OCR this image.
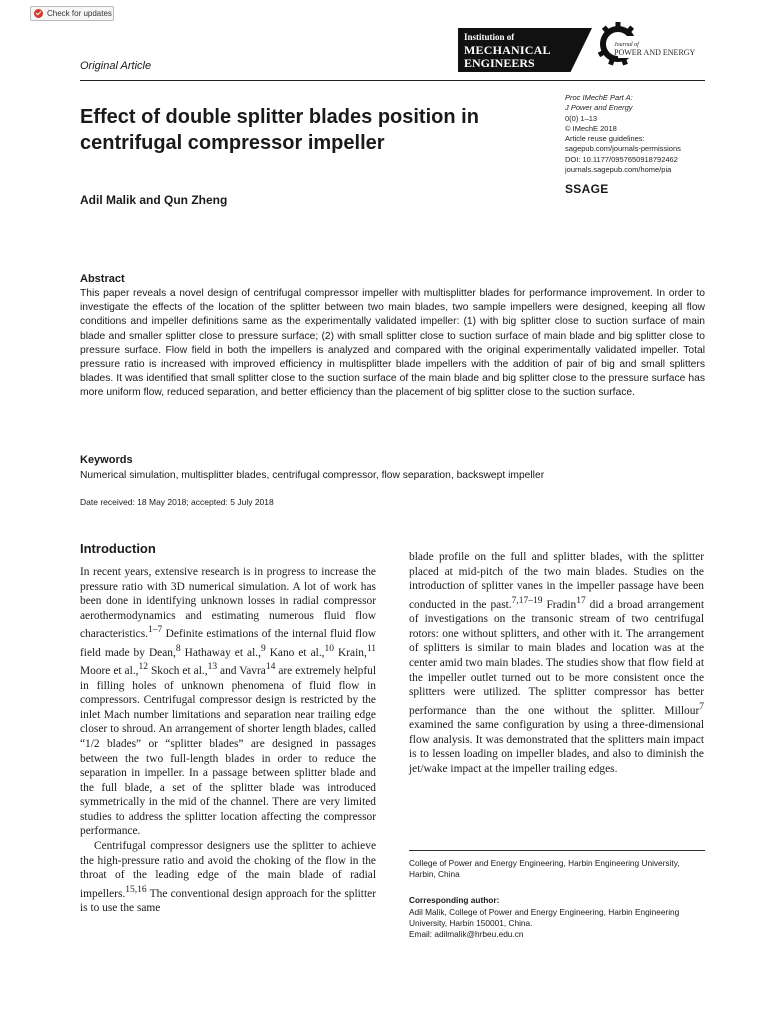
Check for updates
Original Article
Institution of
MECHANICAL
ENGINEERS
Journal of
POWER AND ENERGY
Proc IMechE Part A:
J Power and Energy
0(0) 1–13
© IMechE 2018
Article reuse guidelines:
sagepub.com/journals-permissions
DOI: 10.1177/0957650918792462
journals.sagepub.com/home/pia
SSAGE
Effect of double splitter blades position in centrifugal compressor impeller
Adil Malik and Qun Zheng
Abstract
This paper reveals a novel design of centrifugal compressor impeller with multisplitter blades for performance improvement. In order to investigate the effects of the location of the splitter between two main blades, two sample impellers were designed, keeping all flow conditions and impeller definitions same as the experimentally validated impeller: (1) with big splitter close to suction surface of main blade and smaller splitter close to pressure surface; (2) with small splitter close to suction surface of main blade and big splitter close to pressure surface. Flow field in both the impellers is analyzed and compared with the original experimentally validated impeller. Total pressure ratio is increased with improved efficiency in multisplitter blade impellers with the addition of pair of big and small splitters blades. It was identified that small splitter close to the suction surface of the main blade and big splitter close to the pressure surface has more uniform flow, reduced separation, and better efficiency than the placement of big splitter close to the suction surface.
Keywords
Numerical simulation, multisplitter blades, centrifugal compressor, flow separation, backswept impeller
Date received: 18 May 2018; accepted: 5 July 2018
Introduction

In recent years, extensive research is in progress to increase the pressure ratio with 3D numerical simulation. A lot of work has been done in identifying unknown losses in radial compressor aerothermodynamics and estimating numerous fluid flow characteristics.$^{1-7}$ Definite estimations of the internal fluid flow field made by Dean,$^8$ Hathaway et al.,$^9$ Kano et al.,$^{10}$ Krain,$^{11}$ Moore et al.,$^{12}$ Skoch et al.,$^{13}$ and Vavra$^{14}$ are extremely helpful in filling holes of unknown phenomena of fluid flow in compressors. Centrifugal compressor design is restricted by the inlet Mach number limitations and separation near trailing edge closer to shroud. An arrangement of shorter length blades, called “1/2 blades” or “splitter blades” are designed in passages between the two full-length blades in order to reduce the separation in impeller. In a passage between splitter blade and the full blade, a set of the splitter blade was introduced symmetrically in the mid of the channel. There are very limited studies to address the splitter location affecting the compressor performance.

Centrifugal compressor designers use the splitter to achieve the high-pressure ratio and avoid the choking of the flow in the throat of the leading edge of the main blade of radial impellers.$^{15,16}$ The conventional design approach for the splitter is to use the same

blade profile on the full and splitter blades, with the splitter placed at mid-pitch of the two main blades. Studies on the introduction of splitter vanes in the impeller passage have been conducted in the past.$^{7,17-19}$ Fradin$^{17}$ did a broad arrangement of investigations on the transonic stream of two centrifugal rotors: one without splitters, and other with it. The arrangement of splitters is similar to main blades and location was at the center amid two main blades. The studies show that flow field at the impeller outlet turned out to be more consistent once the splitters were utilized. The splitter compressor has better performance than the one without the splitter. Millour$^7$ examined the same configuration by using a three-dimensional flow analysis. It was demonstrated that the splitters main impact is to lessen loading on impeller blades, and also to diminish the jet/wake impact at the impeller trailing edges.

College of Power and Energy Engineering, Harbin Engineering University, Harbin, China
Corresponding author:
Adil Malik, College of Power and Energy Engineering, Harbin Engineering University, Harbin 150001, China.
Email: adilmalik@hrbeu.edu.cn
